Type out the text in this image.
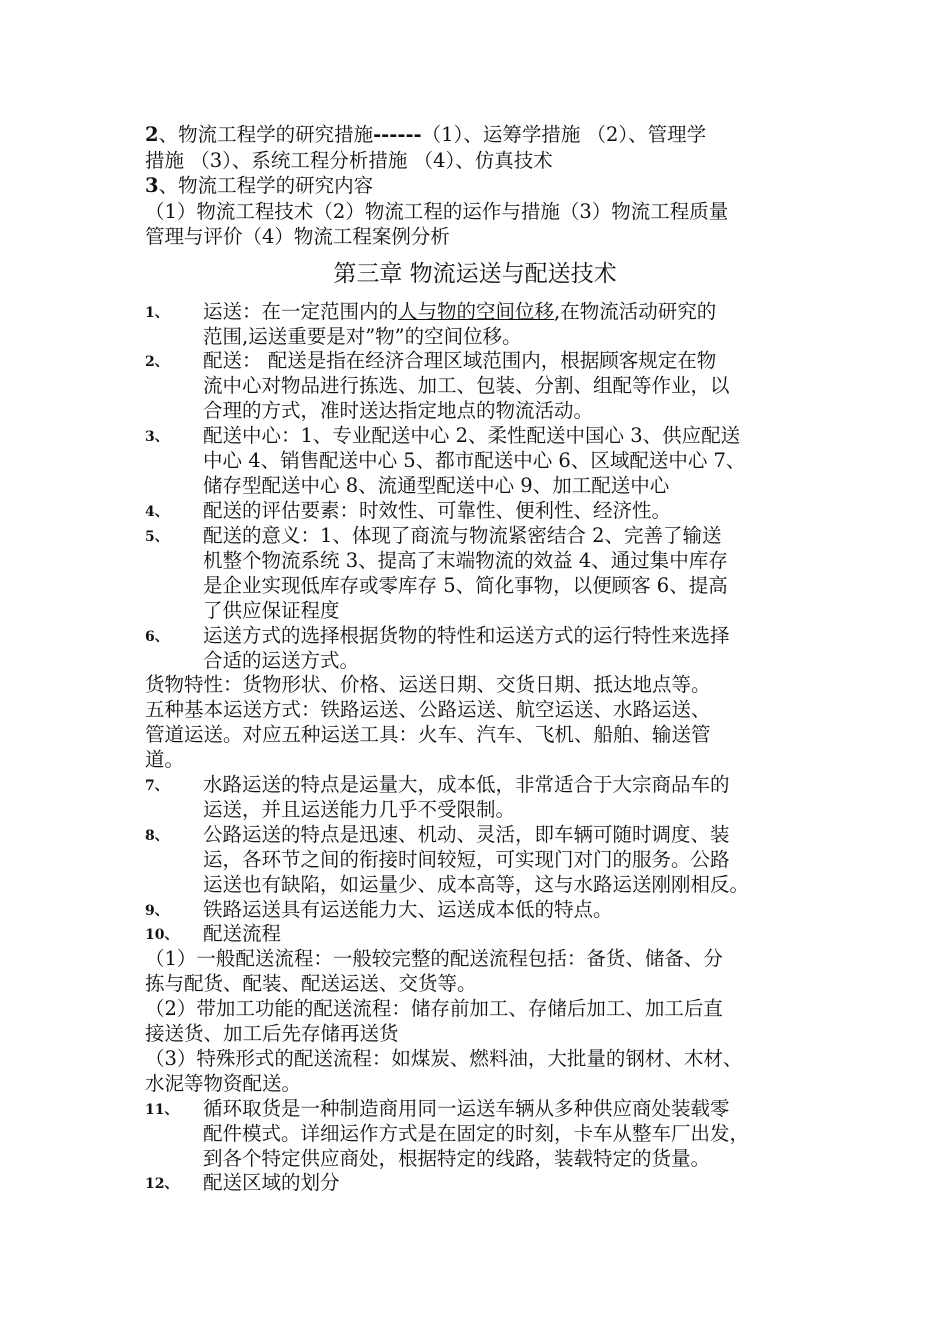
2、物流工程学的研究措施------（1）、运筹学措施 （2）、管理学
措施 （3）、系统工程分析措施 （4）、仿真技术
3、物流工程学的研究内容
（1）物流工程技术（2）物流工程的运作与措施（3）物流工程质量
管理与评价（4）物流工程案例分析
第三章 物流运送与配送技术
1、 运送：在一定范围内的人与物的空间位移,在物流活动研究的
范围,运送重要是对”物”的空间位移。
2、 配送： 配送是指在经济合理区域范围内，根据顾客规定在物
流中心对物品进行拣选、加工、包装、分割、组配等作业，以
合理的方式，准时送达指定地点的物流活动。
3、 配送中心：1、专业配送中心 2、柔性配送中国心 3、供应配送
中心 4、销售配送中心 5、都市配送中心 6、区域配送中心 7、
储存型配送中心 8、流通型配送中心 9、加工配送中心
4、 配送的评估要素：时效性、可靠性、便利性、经济性。
5、 配送的意义：1、体现了商流与物流紧密结合 2、完善了输送
机整个物流系统 3、提高了末端物流的效益 4、通过集中库存
是企业实现低库存或零库存 5、简化事物，以便顾客 6、提高
了供应保证程度
6、 运送方式的选择根据货物的特性和运送方式的运行特性来选择
合适的运送方式。
货物特性：货物形状、价格、运送日期、交货日期、抵达地点等。
五种基本运送方式：铁路运送、公路运送、航空运送、水路运送、
管道运送。对应五种运送工具：火车、汽车、飞机、船舶、输送管
道。
7、 水路运送的特点是运量大，成本低，非常适合于大宗商品车的
运送，并且运送能力几乎不受限制。
8、 公路运送的特点是迅速、机动、灵活，即车辆可随时调度、装
运，各环节之间的衔接时间较短，可实现门对门的服务。公路
运送也有缺陷，如运量少、成本高等，这与水路运送刚刚相反。
9、 铁路运送具有运送能力大、运送成本低的特点。
10、 配送流程
（1）一般配送流程：一般较完整的配送流程包括：备货、储备、分
拣与配货、配装、配送运送、交货等。
（2）带加工功能的配送流程：储存前加工、存储后加工、加工后直
接送货、加工后先存储再送货
（3）特殊形式的配送流程：如煤炭、燃料油，大批量的钢材、木材、
水泥等物资配送。
11、 循环取货是一种制造商用同一运送车辆从多种供应商处装载零
配件模式。详细运作方式是在固定的时刻，卡车从整车厂出发，
到各个特定供应商处，根据特定的线路，装载特定的货量。
12、 配送区域的划分
